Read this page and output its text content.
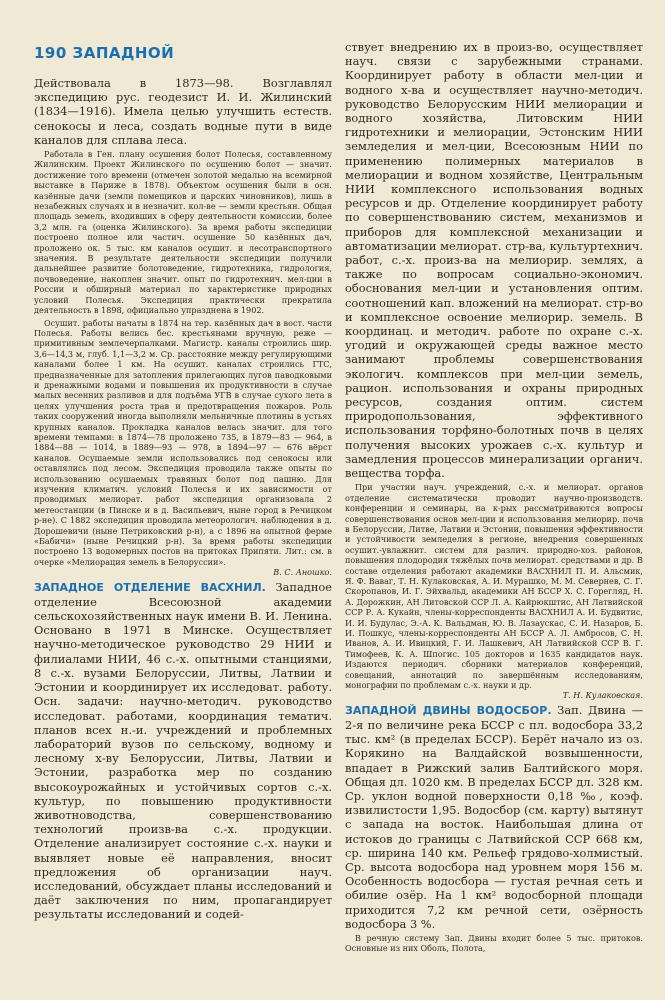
190 ЗАПАДНОЙ

Действовала в 1873—98. Возглавлял экспедицию рус. геодезист И. И. Жилинский (1834—1916). Имела целью улучшить естеств. сенокосы и леса, создать водные пути в виде каналов для сплава леса.

Работала в Ген. плану осушения болот Полесья, составленному Жилинским. Проект Жилинского по осушению болот — значит. достижение того времени (отмечен золотой медалью на всемирной выставке в Париже в 1878). Объектом осушения были в осн. казённые дачи (земли помещиков и царских чиновников), лишь в незабежных случаях и в незначит. кол-ве — земли крестьян. Общая площадь земель, входивших в сферу деятельности комиссии, более 3,2 млн. га (оценка Жилинского). За время работы экспедиции построено полное или частич. осушение 50 казённых дач, проложено ок. 5 тыс. км каналов осушит. и лесотранспортного значения. В результате деятельности экспедиции получили дальнейшее развитие болотоведение, гидротехника, гидрология, почвоведение, накоплен значит. опыт по гидротехнич. мел-ции в России и обширный материал по характеристике природных условий Полесья. Экспедиция практически прекратила деятельность в 1898, официально упразднена в 1902.

Осушит. работы начаты в 1874 на тер. казённых дач в вост. части Полесья. Работы велись бес. крестьянами вручную, реже — примитивным землечерпалками. Магистр. каналы строились шир. 3,6—14,3 м, глуб. 1,1—3,2 м. Ср. расстояние между регулирующими каналами более 1 км. На осушит. каналах строились ГТС, предназначенные для затопления прилегающих лугов паводковыми и дренажными водами и повышения их продуктивности в случае малых весенних разливов и для подъёма УГВ в случае сухого лета в целях улучшения роста трав и предотвращения пожаров. Роль таких сооружений иногда выполняли мельничные плотины в устьях крупных каналов. Прокладка каналов велась значит. для того времени темпами: в 1874—78 проложено 735, в 1879—83 — 964, в 1884—88 — 1014, в 1889—93 — 978, в 1894—97 — 676 вёрст каналов. Осушаемые земли использовались под сенокосы или оставлялись под лесом. Экспедиция проводила также опыты по использованию осушаемых травяных болот под пашню. Для изучения климатич. условий Полесья и их зависимости от проводимых мелиорат. работ экспедиция организовала 2 метеостанции (в Пинске и в д. Васильевич, ныне город в Речицком р-не). С 1882 экспедиция проводила метеорологич. наблюдения в д. Дорошевичи (ныне Петриковский р-н), а с 1896 на опытной ферме «Бабичи» (ныне Речицкий р-н). За время работы экспедиции построено 13 водомерных постов на притоках Припяти. Лит.: см. в очерке «Мелиорация земель в Белоруссии».
В. С. Аношко.

ЗАПАДНОЕ ОТДЕЛЕНИЕ ВАСХНИЛ. Западное отделение Всесоюзной академии сельскохозяйственных наук имени В. И. Ленина. Основано в 1971 в Минске. Осуществляет научно-методическое руководство 29 НИИ и филиалами НИИ, 46 с.-х. опытными станциями, 8 с.-х. вузами Белоруссии, Литвы, Латвии и Эстонии и координирует их исследоват. работу. Осн. задачи: научно-методич. руководство исследоват. работами, координация тематич. планов всех н.-и. учреждений и проблемных лабораторий вузов по сельскому, водному и лесному х-ву Белоруссии, Литвы, Латвии и Эстонии, разработка мер по созданию высокоурожайных и устойчивых сортов с.-х. культур, по повышению продуктивности животноводства, совершенствованию технологий произв-ва с.-х. продукции. Отделение анализирует состояние с.-х. науки и выявляет новые её направления, вносит предложения об организации науч. исследований, обсуждает планы исследований и даёт заключения по ним, пропагандирует результаты исследований и содей-

ствует внедрению их в произ-во, осуществляет науч. связи с зарубежными странами. Координирует работу в области мел-ции и водного х-ва и осуществляет научно-методич. руководство Белорусским НИИ мелиорации и водного хозяйства, Литовским НИИ гидротехники и мелиорации, Эстонским НИИ земледелия и мел-ции, Всесоюзным НИИ по применению полимерных материалов в мелиорации и водном хозяйстве, Центральным НИИ комплексного использования водных ресурсов и др. Отделение координирует работу по совершенствованию систем, механизмов и приборов для комплексной механизации и автоматизации мелиорат. стр-ва, культуртехнич. работ, с.-х. произ-ва на мелиорир. землях, а также по вопросам социально-экономич. обоснования мел-ции и установления оптим. соотношений кап. вложений на мелиорат. стр-во и комплексное освоение мелиорир. земель. В координац. и методич. работе по охране с.-х. угодий и окружающей среды важное место занимают проблемы совершенствования экологич. комплексов при мел-ции земель, рацион. использования и охраны природных ресурсов, создания оптим. систем природопользования, эффективного использования торфяно-болотных почв в целях получения высоких урожаев с.-х. культур и замедления процессов минерализации органич. вещества торфа.

При участии науч. учреждений, с.-х. и мелиорат. органов отделение систематически проводит научно-производств. конференции и семинары, на к-рых рассматриваются вопросы совершенствования основ мел-ции и использования мелиорир. почв в Белоруссии, Литве, Латвии и Эстонии, повышения эффективности и устойчивости земледелия в регионе, внедрения совершенных осушит.-увлажнит. систем для различ. природно-хоз. районов, повышения плодородия тяжёлых почв мелиорат. средствами и др. В составе отделения работают академики ВАСХНИЛ П. И. Альсмик, Я. Ф. Ваваг, Т. Н. Кулаковская, А. И. Мурашко, М. М. Севернев, С. Г. Скоропанов, И. Г. Эйхвальд, академики АН БССР Х. С. Горегляд, Н. А. Дорожкин, АН Литовской ССР Л. А. Кайрюкштис, АН Латвийской ССР Р. А. Кукайн, члены-корреспонденты ВАСХНИЛ А. И. Будвитис, И. И. Будулас, Э.-А. К. Вальдман, Ю. В. Лазаускас, С. И. Назаров, Б. И. Пошкус, члены-корреспонденты АН БССР А. Л. Амбросов, С. Н. Иванов, А. И. Ивицкий, Г. И. Лашкевич, АН Латвийской ССР В. Г. Тимофеев, К. А. Шпогис. 105 докторов и 1635 кандидатов наук. Издаются периодич. сборники материалов конференций, совещаний, аннотаций по завершённым исследованиям, монографии по проблемам с.-х. науки и др.
Т. Н. Кулаковская.

ЗАПАДНОЙ ДВИНЫ ВОДОСБОР. Зап. Двина — 2-я по величине река БССР с пл. водосбора 33,2 тыс. км² (в пределах БССР). Берёт начало из оз. Корякино на Валдайской возвышенности, впадает в Рижский залив Балтийского моря. Общая дл. 1020 км. В пределах БССР дл. 328 км. Ср. уклон водной поверхности 0,18 ‰, коэф. извилистости 1,95. Водосбор (см. карту) вытянут с запада на восток. Наибольшая длина от истоков до границы с Латвийской ССР 668 км, ср. ширина 140 км. Рельеф грядово-холмистый. Ср. высота водосбора над уровнем моря 156 м. Особенность водосбора — густая речная сеть и обилие озёр. На 1 км² водосборной площади приходится 7,2 км речной сети, озёрность водосбора 3 %.

В речную систему Зап. Двины входит более 5 тыс. притоков. Основные из них Оболь, Полота,
